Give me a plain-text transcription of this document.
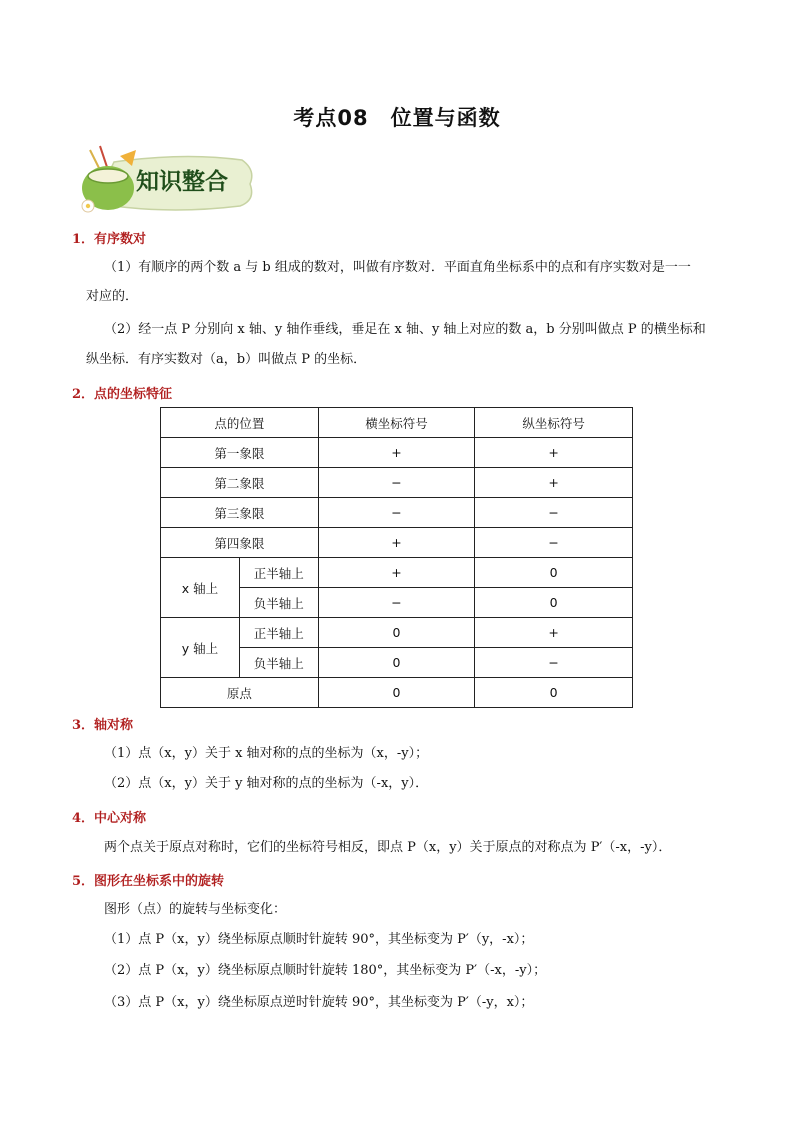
考点08　位置与函数
知识整合
1．有序数对
（1）有顺序的两个数 a 与 b 组成的数对，叫做有序数对．平面直角坐标系中的点和有序实数对是一一
对应的．
（2）经一点 P 分别向 x 轴、y 轴作垂线，垂足在 x 轴、y 轴上对应的数 a，b 分别叫做点 P 的横坐标和
纵坐标．有序实数对（a，b）叫做点 P 的坐标．
2．点的坐标特征
点的位置		横坐标符号	纵坐标符号
第一象限		+	+
第二象限		−	+
第三象限		−	−
第四象限		+	−
x 轴上	正半轴上	+	0
	负半轴上	−	0
y 轴上	正半轴上	0	+
	负半轴上	0	−
原点		0	0
3．轴对称
（1）点（x，y）关于 x 轴对称的点的坐标为（x，-y）；
（2）点（x，y）关于 y 轴对称的点的坐标为（-x，y）．
4．中心对称
两个点关于原点对称时，它们的坐标符号相反，即点 P（x，y）关于原点的对称点为 P′（-x，-y）．
5．图形在坐标系中的旋转
图形（点）的旋转与坐标变化：
（1）点 P（x，y）绕坐标原点顺时针旋转 90°，其坐标变为 P′（y，-x）；
（2）点 P（x，y）绕坐标原点顺时针旋转 180°，其坐标变为 P′（-x，-y）；
（3）点 P（x，y）绕坐标原点逆时针旋转 90°，其坐标变为 P′（-y，x）；
